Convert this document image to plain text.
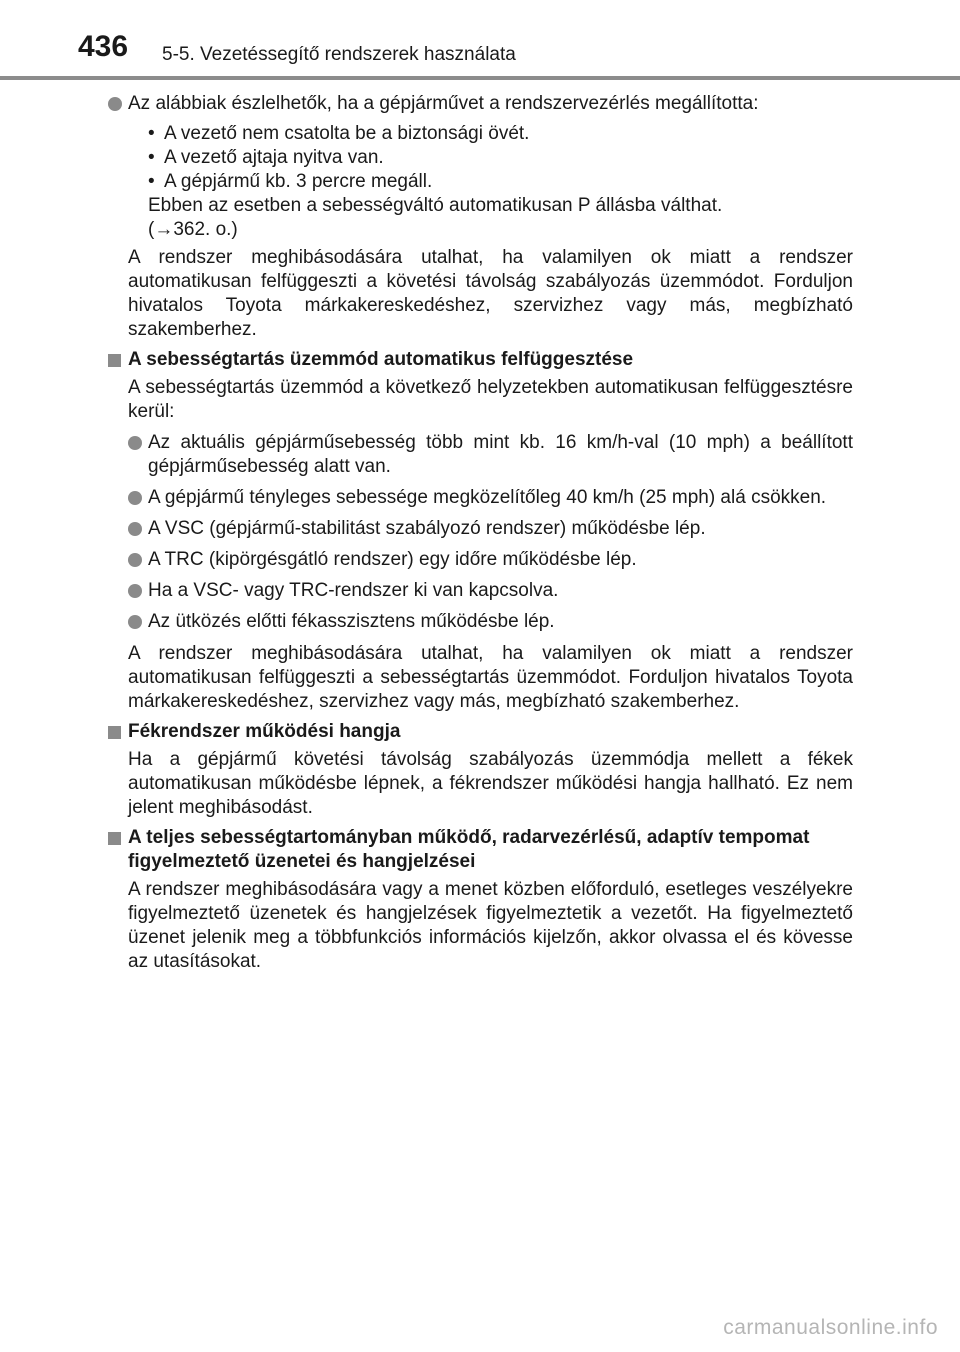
436 5-5. Vezetéssegítő rendszerek használata
Az alábbiak észlelhetők, ha a gépjárművet a rendszervezérlés megállította:
• A vezető nem csatolta be a biztonsági övét.
• A vezető ajtaja nyitva van.
• A gépjármű kb. 3 percre megáll.
Ebben az esetben a sebességváltó automatikusan P állásba válthat.
(→362. o.)
A rendszer meghibásodására utalhat, ha valamilyen ok miatt a rendszer automatikusan felfüggeszti a követési távolság szabályozás üzemmódot. Forduljon hivatalos Toyota márkakereskedéshez, szervizhez vagy más, megbízható szakemberhez.
A sebességtartás üzemmód automatikus felfüggesztése
A sebességtartás üzemmód a következő helyzetekben automatikusan felfüggesztésre kerül:
Az aktuális gépjárműsebesség több mint kb. 16 km/h-val (10 mph) a beállított gépjárműsebesség alatt van.
A gépjármű tényleges sebessége megközelítőleg 40 km/h (25 mph) alá csökken.
A VSC (gépjármű-stabilitást szabályozó rendszer) működésbe lép.
A TRC (kipörgésgátló rendszer) egy időre működésbe lép.
Ha a VSC- vagy TRC-rendszer ki van kapcsolva.
Az ütközés előtti fékasszisztens működésbe lép.
A rendszer meghibásodására utalhat, ha valamilyen ok miatt a rendszer automatikusan felfüggeszti a sebességtartás üzemmódot. Forduljon hivatalos Toyota márkakereskedéshez, szervizhez vagy más, megbízható szakemberhez.
Fékrendszer működési hangja
Ha a gépjármű követési távolság szabályozás üzemmódja mellett a fékek automatikusan működésbe lépnek, a fékrendszer működési hangja hallható. Ez nem jelent meghibásodást.
A teljes sebességtartományban működő, radarvezérlésű, adaptív tempomat figyelmeztető üzenetei és hangjelzései
A rendszer meghibásodására vagy a menet közben előforduló, esetleges veszélyekre figyelmeztető üzenetek és hangjelzések figyelmeztetik a vezetőt. Ha figyelmeztető üzenet jelenik meg a többfunkciós információs kijelzőn, akkor olvassa el és kövesse az utasításokat.
carmanualsonline.info
